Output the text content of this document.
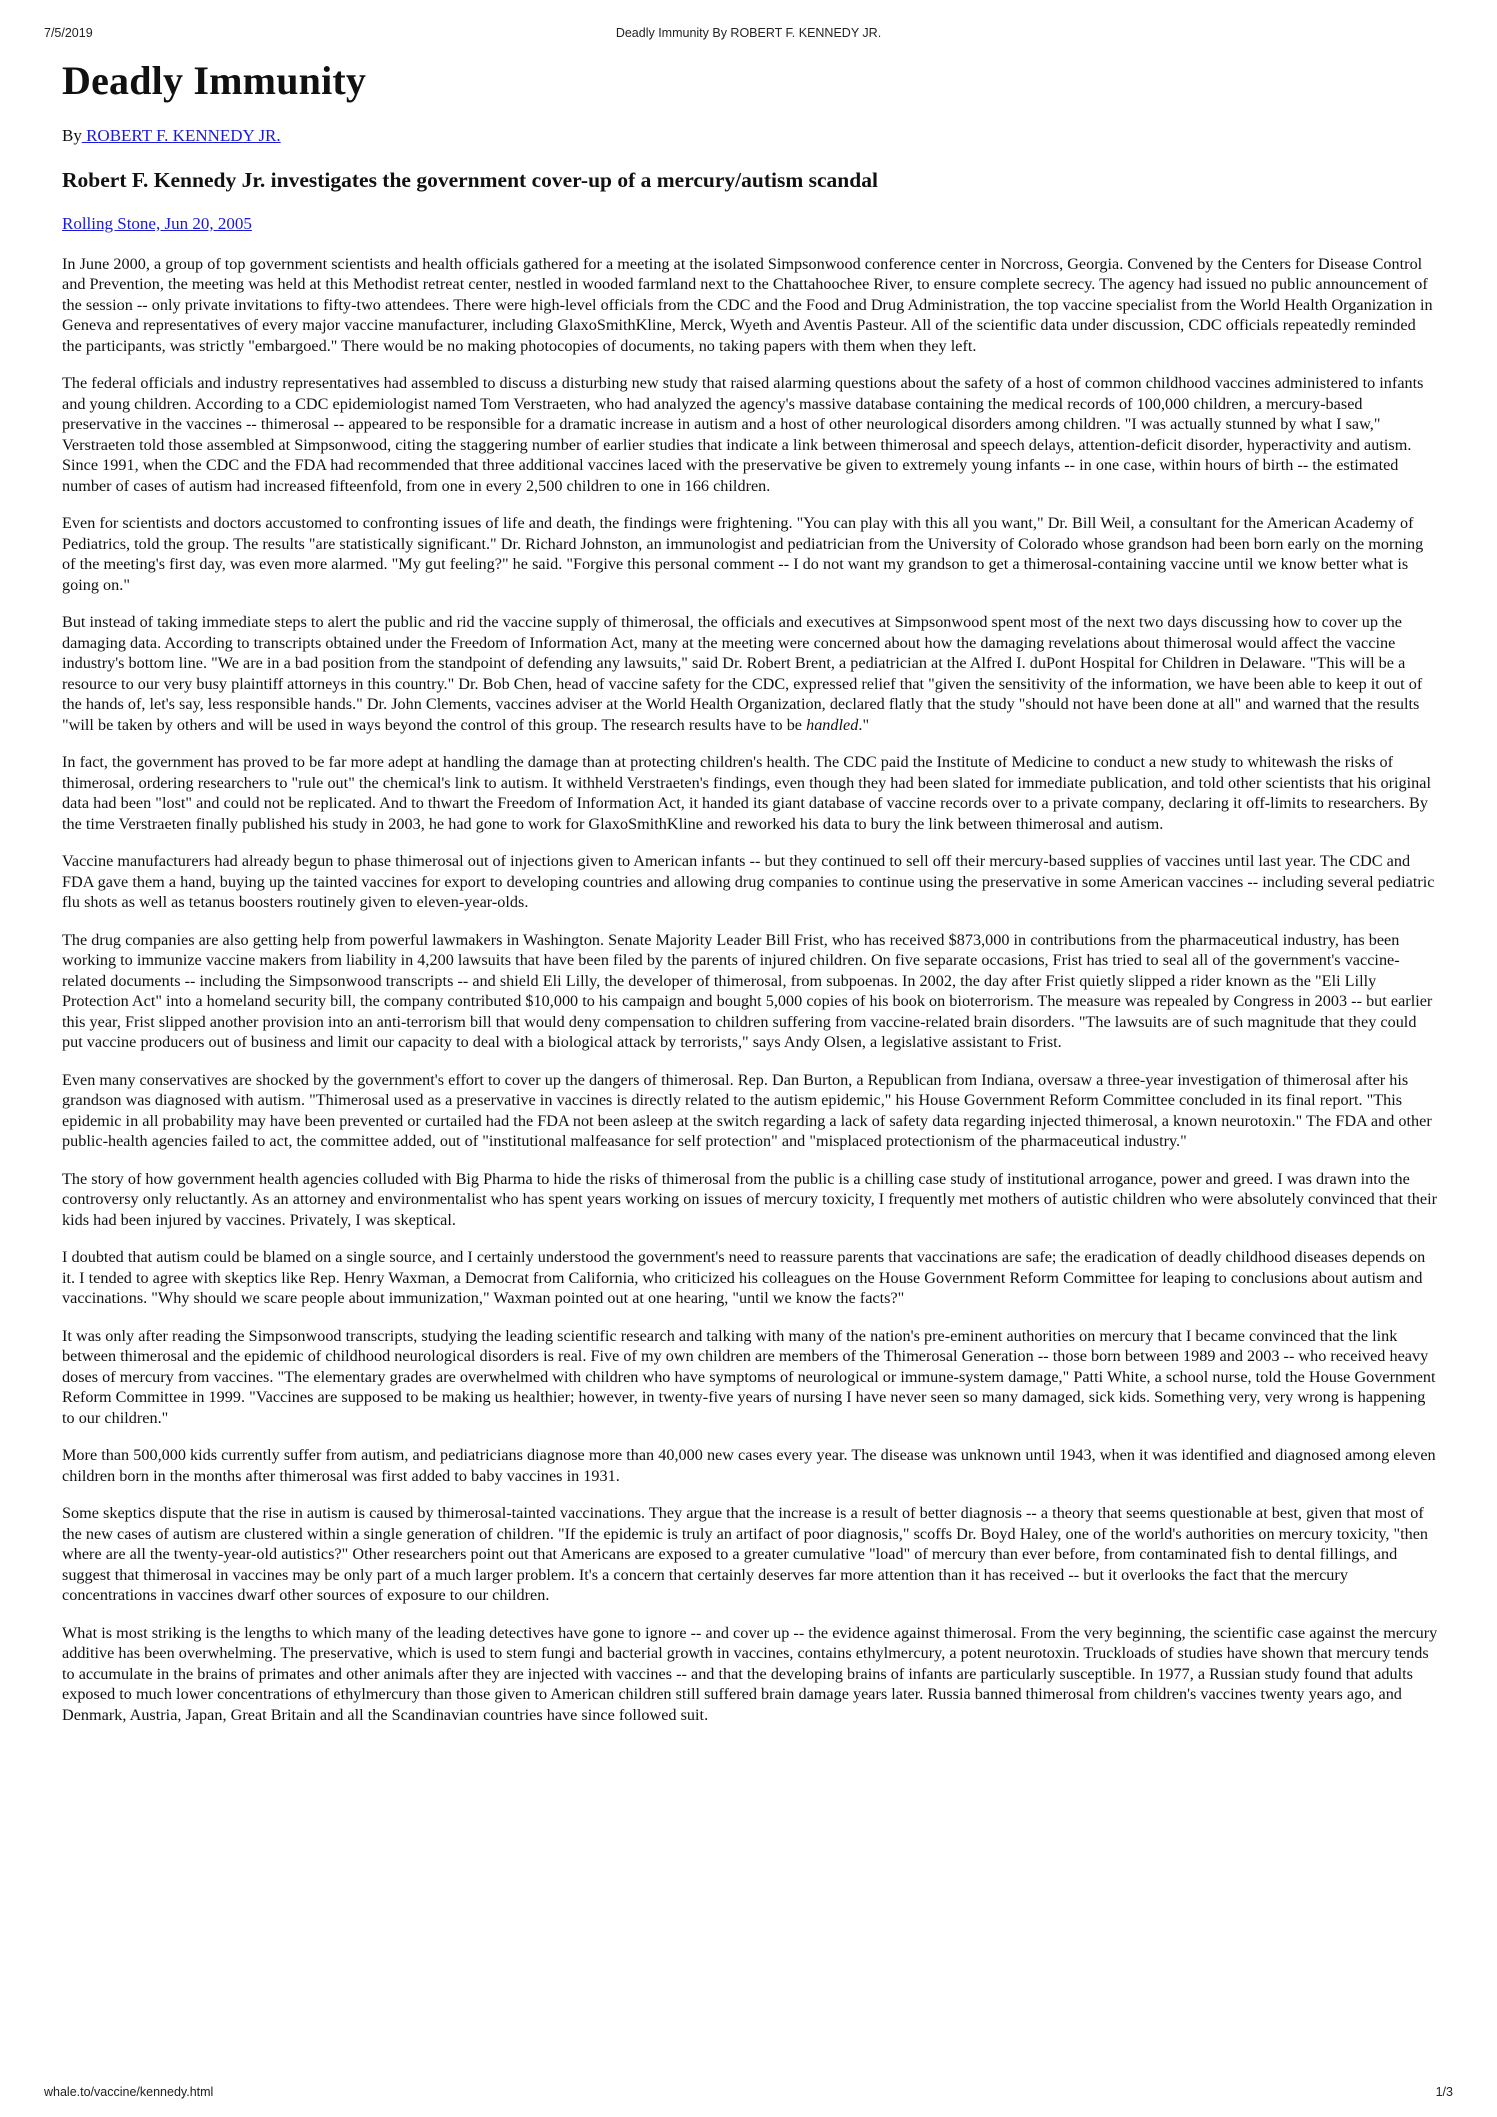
7/5/2019	Deadly Immunity By ROBERT F. KENNEDY JR.
Deadly Immunity
By ROBERT F. KENNEDY JR.
Robert F. Kennedy Jr. investigates the government cover-up of a mercury/autism scandal
Rolling Stone, Jun 20, 2005

In June 2000, a group of top government scientists and health officials gathered for a meeting at the isolated Simpsonwood conference center in Norcross, Georgia. Convened by the Centers for Disease Control and Prevention, the meeting was held at this Methodist retreat center, nestled in wooded farmland next to the Chattahoochee River, to ensure complete secrecy. The agency had issued no public announcement of the session -- only private invitations to fifty-two attendees. There were high-level officials from the CDC and the Food and Drug Administration, the top vaccine specialist from the World Health Organization in Geneva and representatives of every major vaccine manufacturer, including GlaxoSmithKline, Merck, Wyeth and Aventis Pasteur. All of the scientific data under discussion, CDC officials repeatedly reminded the participants, was strictly "embargoed." There would be no making photocopies of documents, no taking papers with them when they left.

The federal officials and industry representatives had assembled to discuss a disturbing new study that raised alarming questions about the safety of a host of common childhood vaccines administered to infants and young children. According to a CDC epidemiologist named Tom Verstraeten, who had analyzed the agency's massive database containing the medical records of 100,000 children, a mercury-based preservative in the vaccines -- thimerosal -- appeared to be responsible for a dramatic increase in autism and a host of other neurological disorders among children. "I was actually stunned by what I saw," Verstraeten told those assembled at Simpsonwood, citing the staggering number of earlier studies that indicate a link between thimerosal and speech delays, attention-deficit disorder, hyperactivity and autism. Since 1991, when the CDC and the FDA had recommended that three additional vaccines laced with the preservative be given to extremely young infants -- in one case, within hours of birth -- the estimated number of cases of autism had increased fifteenfold, from one in every 2,500 children to one in 166 children.

Even for scientists and doctors accustomed to confronting issues of life and death, the findings were frightening. "You can play with this all you want," Dr. Bill Weil, a consultant for the American Academy of Pediatrics, told the group. The results "are statistically significant." Dr. Richard Johnston, an immunologist and pediatrician from the University of Colorado whose grandson had been born early on the morning of the meeting's first day, was even more alarmed. "My gut feeling?" he said. "Forgive this personal comment -- I do not want my grandson to get a thimerosal-containing vaccine until we know better what is going on."

But instead of taking immediate steps to alert the public and rid the vaccine supply of thimerosal, the officials and executives at Simpsonwood spent most of the next two days discussing how to cover up the damaging data. According to transcripts obtained under the Freedom of Information Act, many at the meeting were concerned about how the damaging revelations about thimerosal would affect the vaccine industry's bottom line. "We are in a bad position from the standpoint of defending any lawsuits," said Dr. Robert Brent, a pediatrician at the Alfred I. duPont Hospital for Children in Delaware. "This will be a resource to our very busy plaintiff attorneys in this country." Dr. Bob Chen, head of vaccine safety for the CDC, expressed relief that "given the sensitivity of the information, we have been able to keep it out of the hands of, let's say, less responsible hands." Dr. John Clements, vaccines adviser at the World Health Organization, declared flatly that the study "should not have been done at all" and warned that the results "will be taken by others and will be used in ways beyond the control of this group. The research results have to be handled."

In fact, the government has proved to be far more adept at handling the damage than at protecting children's health. The CDC paid the Institute of Medicine to conduct a new study to whitewash the risks of thimerosal, ordering researchers to "rule out" the chemical's link to autism. It withheld Verstraeten's findings, even though they had been slated for immediate publication, and told other scientists that his original data had been "lost" and could not be replicated. And to thwart the Freedom of Information Act, it handed its giant database of vaccine records over to a private company, declaring it off-limits to researchers. By the time Verstraeten finally published his study in 2003, he had gone to work for GlaxoSmithKline and reworked his data to bury the link between thimerosal and autism.

Vaccine manufacturers had already begun to phase thimerosal out of injections given to American infants -- but they continued to sell off their mercury-based supplies of vaccines until last year. The CDC and FDA gave them a hand, buying up the tainted vaccines for export to developing countries and allowing drug companies to continue using the preservative in some American vaccines -- including several pediatric flu shots as well as tetanus boosters routinely given to eleven-year-olds.

The drug companies are also getting help from powerful lawmakers in Washington. Senate Majority Leader Bill Frist, who has received $873,000 in contributions from the pharmaceutical industry, has been working to immunize vaccine makers from liability in 4,200 lawsuits that have been filed by the parents of injured children. On five separate occasions, Frist has tried to seal all of the government's vaccine-related documents -- including the Simpsonwood transcripts -- and shield Eli Lilly, the developer of thimerosal, from subpoenas. In 2002, the day after Frist quietly slipped a rider known as the "Eli Lilly Protection Act" into a homeland security bill, the company contributed $10,000 to his campaign and bought 5,000 copies of his book on bioterrorism. The measure was repealed by Congress in 2003 -- but earlier this year, Frist slipped another provision into an anti-terrorism bill that would deny compensation to children suffering from vaccine-related brain disorders. "The lawsuits are of such magnitude that they could put vaccine producers out of business and limit our capacity to deal with a biological attack by terrorists," says Andy Olsen, a legislative assistant to Frist.

Even many conservatives are shocked by the government's effort to cover up the dangers of thimerosal. Rep. Dan Burton, a Republican from Indiana, oversaw a three-year investigation of thimerosal after his grandson was diagnosed with autism. "Thimerosal used as a preservative in vaccines is directly related to the autism epidemic," his House Government Reform Committee concluded in its final report. "This epidemic in all probability may have been prevented or curtailed had the FDA not been asleep at the switch regarding a lack of safety data regarding injected thimerosal, a known neurotoxin." The FDA and other public-health agencies failed to act, the committee added, out of "institutional malfeasance for self protection" and "misplaced protectionism of the pharmaceutical industry."

The story of how government health agencies colluded with Big Pharma to hide the risks of thimerosal from the public is a chilling case study of institutional arrogance, power and greed. I was drawn into the controversy only reluctantly. As an attorney and environmentalist who has spent years working on issues of mercury toxicity, I frequently met mothers of autistic children who were absolutely convinced that their kids had been injured by vaccines. Privately, I was skeptical.

I doubted that autism could be blamed on a single source, and I certainly understood the government's need to reassure parents that vaccinations are safe; the eradication of deadly childhood diseases depends on it. I tended to agree with skeptics like Rep. Henry Waxman, a Democrat from California, who criticized his colleagues on the House Government Reform Committee for leaping to conclusions about autism and vaccinations. "Why should we scare people about immunization," Waxman pointed out at one hearing, "until we know the facts?"

It was only after reading the Simpsonwood transcripts, studying the leading scientific research and talking with many of the nation's pre-eminent authorities on mercury that I became convinced that the link between thimerosal and the epidemic of childhood neurological disorders is real. Five of my own children are members of the Thimerosal Generation -- those born between 1989 and 2003 -- who received heavy doses of mercury from vaccines. "The elementary grades are overwhelmed with children who have symptoms of neurological or immune-system damage," Patti White, a school nurse, told the House Government Reform Committee in 1999. "Vaccines are supposed to be making us healthier; however, in twenty-five years of nursing I have never seen so many damaged, sick kids. Something very, very wrong is happening to our children."

More than 500,000 kids currently suffer from autism, and pediatricians diagnose more than 40,000 new cases every year. The disease was unknown until 1943, when it was identified and diagnosed among eleven children born in the months after thimerosal was first added to baby vaccines in 1931.

Some skeptics dispute that the rise in autism is caused by thimerosal-tainted vaccinations. They argue that the increase is a result of better diagnosis -- a theory that seems questionable at best, given that most of the new cases of autism are clustered within a single generation of children. "If the epidemic is truly an artifact of poor diagnosis," scoffs Dr. Boyd Haley, one of the world's authorities on mercury toxicity, "then where are all the twenty-year-old autistics?" Other researchers point out that Americans are exposed to a greater cumulative "load" of mercury than ever before, from contaminated fish to dental fillings, and suggest that thimerosal in vaccines may be only part of a much larger problem. It's a concern that certainly deserves far more attention than it has received -- but it overlooks the fact that the mercury concentrations in vaccines dwarf other sources of exposure to our children.

What is most striking is the lengths to which many of the leading detectives have gone to ignore -- and cover up -- the evidence against thimerosal. From the very beginning, the scientific case against the mercury additive has been overwhelming. The preservative, which is used to stem fungi and bacterial growth in vaccines, contains ethylmercury, a potent neurotoxin. Truckloads of studies have shown that mercury tends to accumulate in the brains of primates and other animals after they are injected with vaccines -- and that the developing brains of infants are particularly susceptible. In 1977, a Russian study found that adults exposed to much lower concentrations of ethylmercury than those given to American children still suffered brain damage years later. Russia banned thimerosal from children's vaccines twenty years ago, and Denmark, Austria, Japan, Great Britain and all the Scandinavian countries have since followed suit.

whale.to/vaccine/kennedy.html	1/3
